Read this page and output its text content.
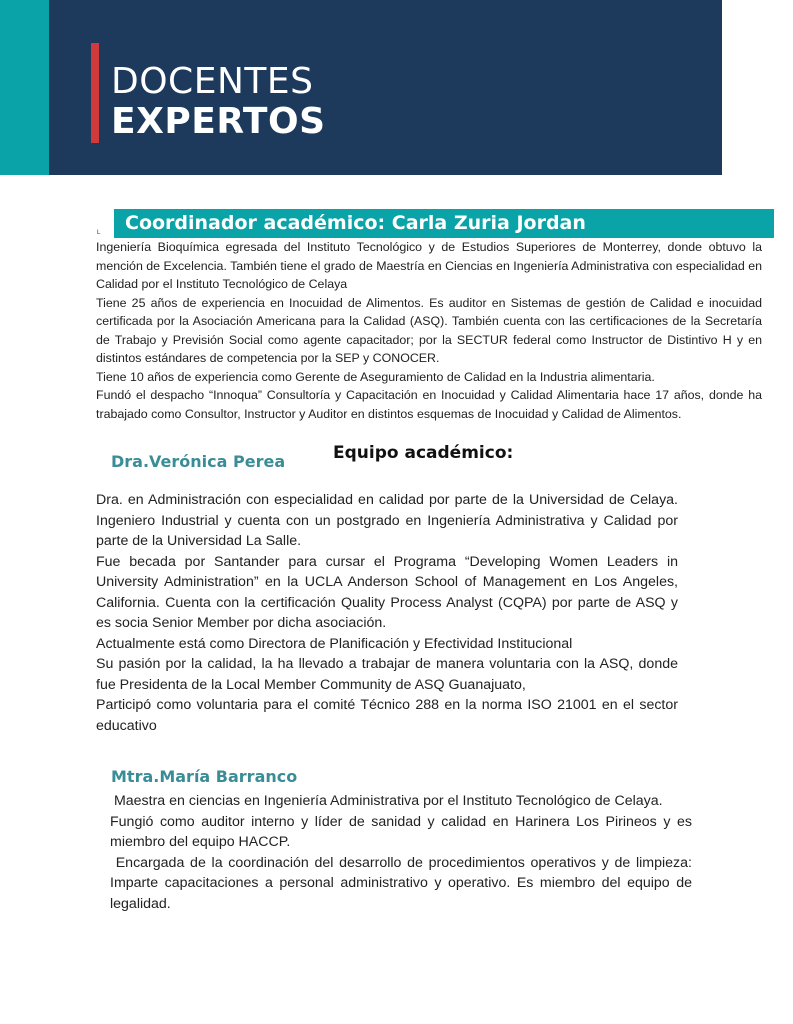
DOCENTES
EXPERTOS
Coordinador académico: Carla Zuria Jordan
L

Ingeniería Bioquímica egresada del Instituto Tecnológico y de Estudios Superiores de Monterrey, donde obtuvo la mención de Excelencia. También tiene el grado de Maestría en Ciencias en Ingeniería Administrativa con especialidad en Calidad por el Instituto Tecnológico de Celaya

Tiene 25 años de experiencia en Inocuidad de Alimentos. Es auditor en Sistemas de gestión de Calidad e inocuidad certificada por la Asociación Americana para la Calidad (ASQ). También cuenta con las certificaciones de la Secretaría de Trabajo y Previsión Social como agente capacitador; por la SECTUR federal como Instructor de Distintivo H y en distintos estándares de competencia por la SEP y CONOCER.

Tiene 10 años de experiencia como Gerente de Aseguramiento de Calidad en la Industria alimentaria.

Fundó el despacho “Innoqua” Consultoría y Capacitación en Inocuidad y Calidad Alimentaria hace 17 años, donde ha trabajado como Consultor, Instructor y Auditor en distintos esquemas de Inocuidad y Calidad de Alimentos.

Equipo académico:
Dra.Verónica Perea

Dra. en Administración con especialidad en calidad por parte de la Universidad de Celaya. Ingeniero Industrial y cuenta con un postgrado en Ingeniería Administrativa y Calidad por parte de la Universidad La Salle.

Fue becada por Santander para cursar el Programa “Developing Women Leaders in University Administration” en la UCLA Anderson School of Management en Los Angeles, California. Cuenta con la certificación Quality Process Analyst (CQPA) por parte de ASQ y es socia Senior Member por dicha asociación.

Actualmente está como Directora de Planificación y Efectividad Institucional

Su pasión por la calidad, la ha llevado a trabajar de manera voluntaria con la ASQ, donde fue Presidenta de la Local Member Community de ASQ Guanajuato,

Participó como voluntaria para el comité Técnico 288 en la norma ISO 21001 en el sector educativo

Mtra.María Barranco

Maestra en ciencias en Ingeniería Administrativa por el Instituto Tecnológico de Celaya.

Fungió como auditor interno y líder de sanidad y calidad en Harinera Los Pirineos y es miembro del equipo HACCP.

Encargada de la coordinación del desarrollo de procedimientos operativos y de limpieza: Imparte capacitaciones a personal administrativo y operativo. Es miembro del equipo de legalidad.
